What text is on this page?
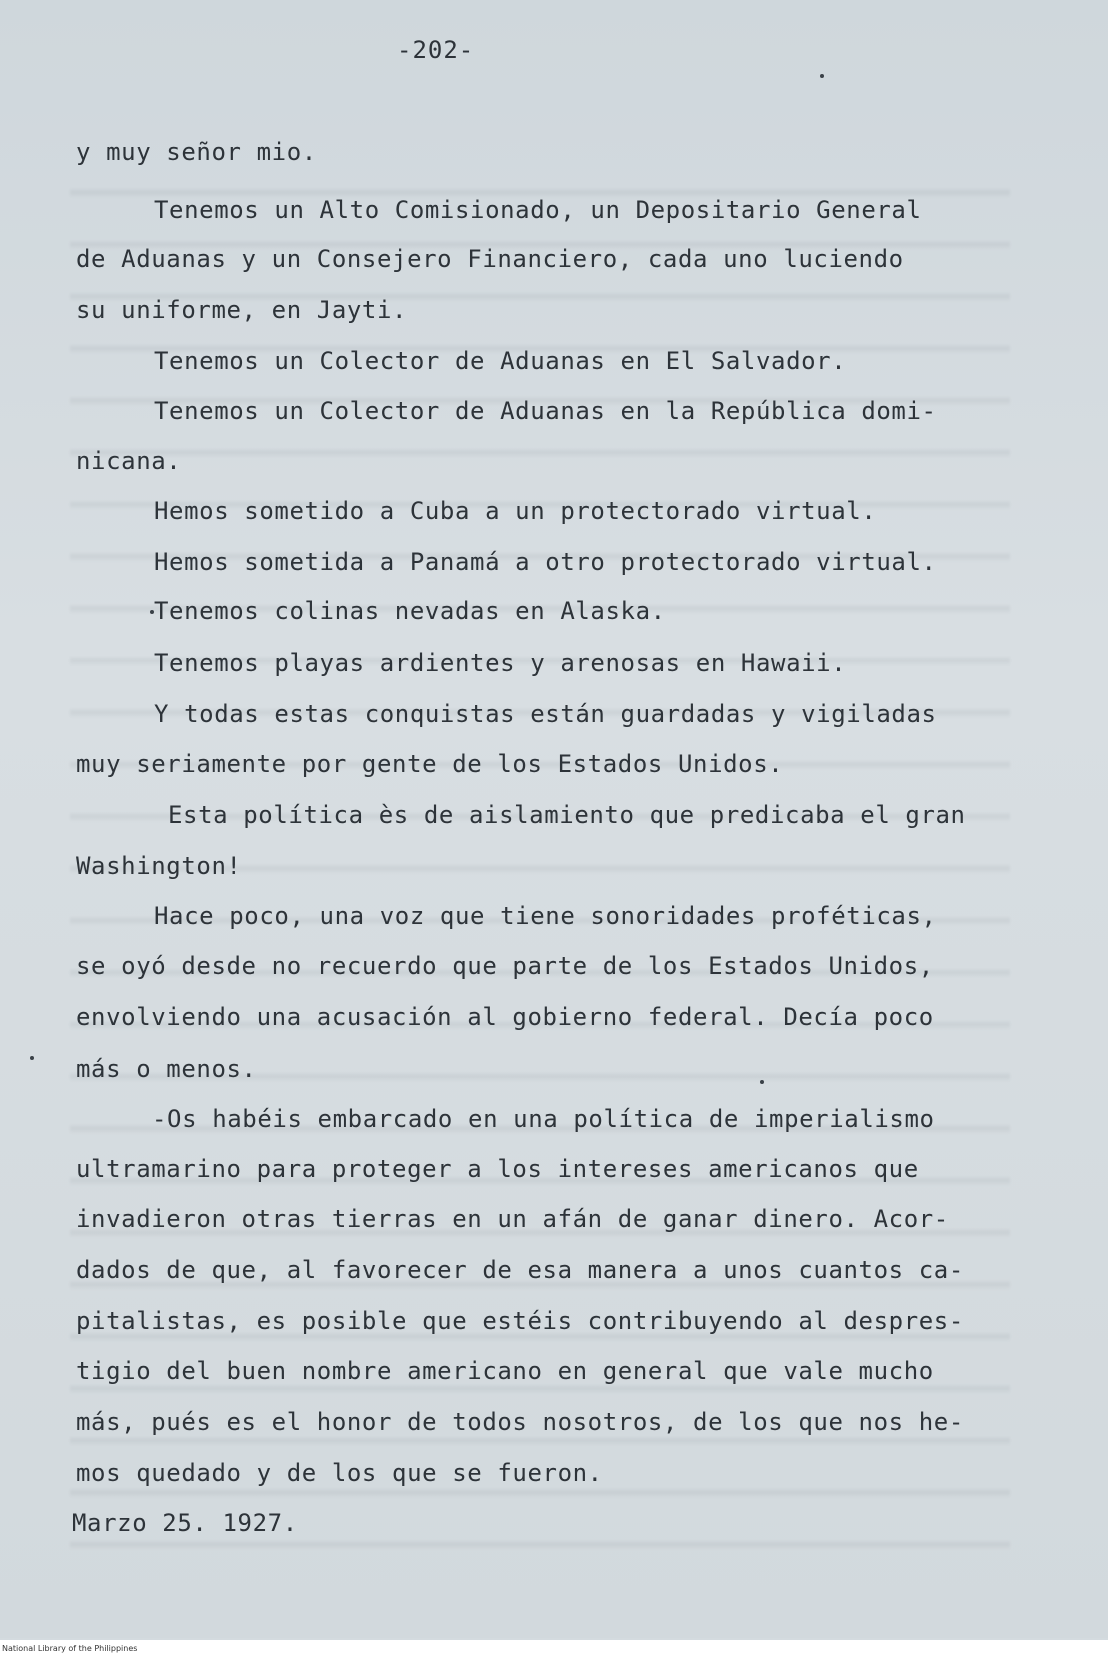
-202-
y muy señor mio.
Tenemos un Alto Comisionado, un Depositario General
de Aduanas y un Consejero Financiero, cada uno luciendo
su uniforme, en Jayti.
Tenemos un Colector de Aduanas en El Salvador.
Tenemos un Colector de Aduanas en la República domi-
nicana.
Hemos sometido a Cuba a un protectorado virtual.
Hemos sometida a Panamá a otro protectorado virtual.
Tenemos colinas nevadas en Alaska.
Tenemos playas ardientes y arenosas en Hawaii.
Y todas estas conquistas están guardadas y vigiladas
muy seriamente por gente de los Estados Unidos.
Esta política ès de aislamiento que predicaba el gran
Washington!
Hace poco, una voz que tiene sonoridades proféticas,
se oyó desde no recuerdo que parte de los Estados Unidos,
envolviendo una acusación al gobierno federal. Decía poco
más o menos.
-Os habéis embarcado en una política de imperialismo
ultramarino para proteger a los intereses americanos que
invadieron otras tierras en un afán de ganar dinero. Acor-
dados de que, al favorecer de esa manera a unos cuantos ca-
pitalistas, es posible que estéis contribuyendo al despres-
tigio del buen nombre americano en general que vale mucho
más, pués es el honor de todos nosotros, de los que nos he-
mos quedado y de los que se fueron.
Marzo 25. 1927.
National Library of the Philippines
